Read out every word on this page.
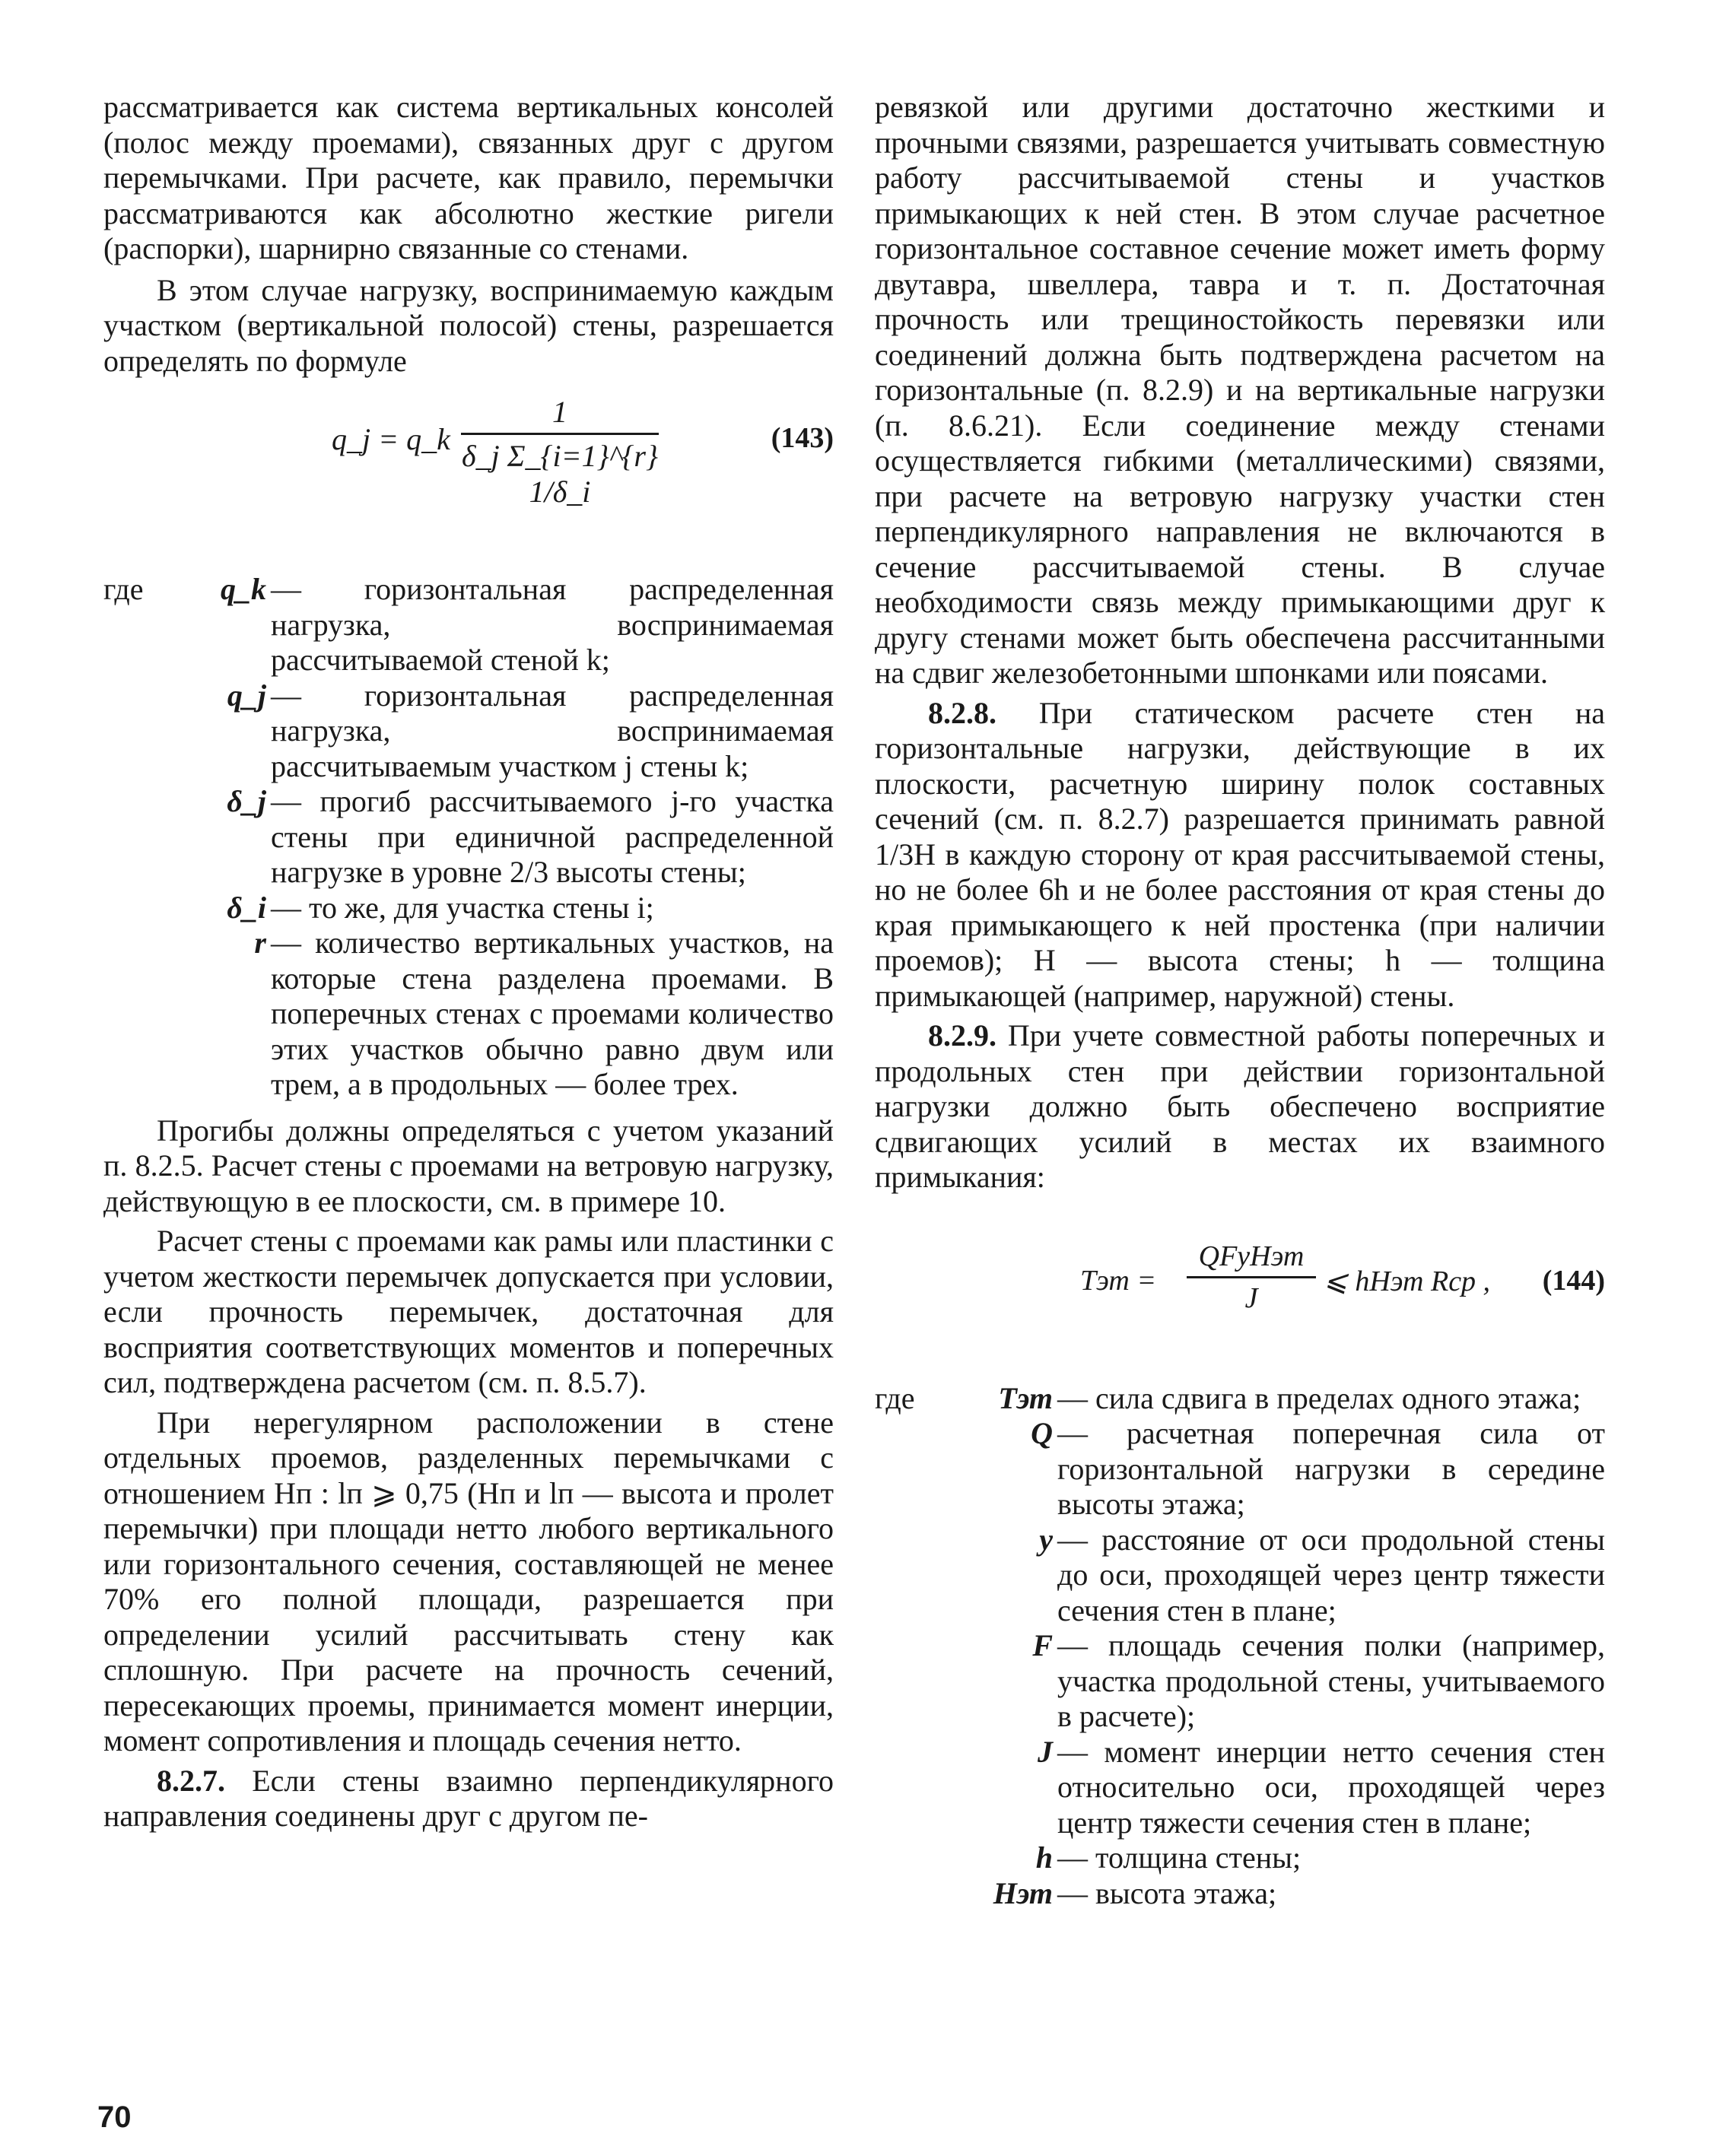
рассматривается как система вертикальных консолей (полос между проемами), связанных друг с другом перемычками. При расчете, как правило, перемычки рассматриваются как абсолютно жесткие ригели (распорки), шарнирно связанные со стенами.

В этом случае нагрузку, воспринимаемую каждым участком (вертикальной полосой) стены, разрешается определять по формуле

q_j = q_k
1
δ_j Σ_{i=1}^{r} 1/δ_i
(143)
где	q_k — горизонтальная распределенная нагрузка, воспринимаемая рассчитываемой стеной k;
q_j — горизонтальная распределенная нагрузка, воспринимаемая рассчитываемым участком j стены k;
δ_j — прогиб рассчитываемого j-го участка стены при единичной распределенной нагрузке в уровне 2/3 высоты стены;
δ_i — то же, для участка стены i;
r — количество вертикальных участков, на которые стена разделена проемами. В поперечных стенах с проемами количество этих участков обычно равно двум или трем, а в продольных — более трех.

Прогибы должны определяться с учетом указаний п. 8.2.5. Расчет стены с проемами на ветровую нагрузку, действующую в ее плоскости, см. в примере 10.

Расчет стены с проемами как рамы или пластинки с учетом жесткости перемычек допускается при условии, если прочность перемычек, достаточная для восприятия соответствующих моментов и поперечных сил, подтверждена расчетом (см. п. 8.5.7).

При нерегулярном расположении в стене отдельных проемов, разделенных перемычками с отношением Hп : lп ⩾ 0,75 (Hп и lп — высота и пролет перемычки) при площади нетто любого вертикального или горизонтального сечения, составляющей не менее 70% его полной площади, разрешается при определении усилий рассчитывать стену как сплошную. При расчете на прочность сечений, пересекающих проемы, принимается момент инерции, момент сопротивления и площадь сечения нетто.

8.2.7. Если стены взаимно перпендикулярного направления соединены друг с другом пе-

ревязкой или другими достаточно жесткими и прочными связями, разрешается учитывать совместную работу рассчитываемой стены и участков примыкающих к ней стен. В этом случае расчетное горизонтальное составное сечение может иметь форму двутавра, швеллера, тавра и т. п. Достаточная прочность или трещиностойкость перевязки или соединений должна быть подтверждена расчетом на горизонтальные (п. 8.2.9) и на вертикальные нагрузки (п. 8.6.21). Если соединение между стенами осуществляется гибкими (металлическими) связями, при расчете на ветровую нагрузку участки стен перпендикулярного направления не включаются в сечение рассчитываемой стены. В случае необходимости связь между примыкающими друг к другу стенами может быть обеспечена рассчитанными на сдвиг железобетонными шпонками или поясами.

8.2.8. При статическом расчете стен на горизонтальные нагрузки, действующие в их плоскости, расчетную ширину полок составных сечений (см. п. 8.2.7) разрешается принимать равной 1/3H в каждую сторону от края рассчитываемой стены, но не более 6h и не более расстояния от края стены до края примыкающего к ней простенка (при наличии проемов); H — высота стены; h — толщина примыкающей (например, наружной) стены.

8.2.9. При учете совместной работы поперечных и продольных стен при действии горизонтальной нагрузки должно быть обеспечено восприятие сдвигающих усилий в местах их взаимного примыкания:

Tэт =
QFyHэт
J
⩽ hHэт Rср , (144)
где	Tэт — сила сдвига в пределах одного этажа;
Q — расчетная поперечная сила от горизонтальной нагрузки в середине высоты этажа;
y — расстояние от оси продольной стены до оси, проходящей через центр тяжести сечения стен в плане;
F — площадь сечения полки (например, участка продольной стены, учитываемого в расчете);
J — момент инерции нетто сечения стен относительно оси, проходящей через центр тяжести сечения стен в плане;
h — толщина стены;
Hэт — высота этажа;
70
